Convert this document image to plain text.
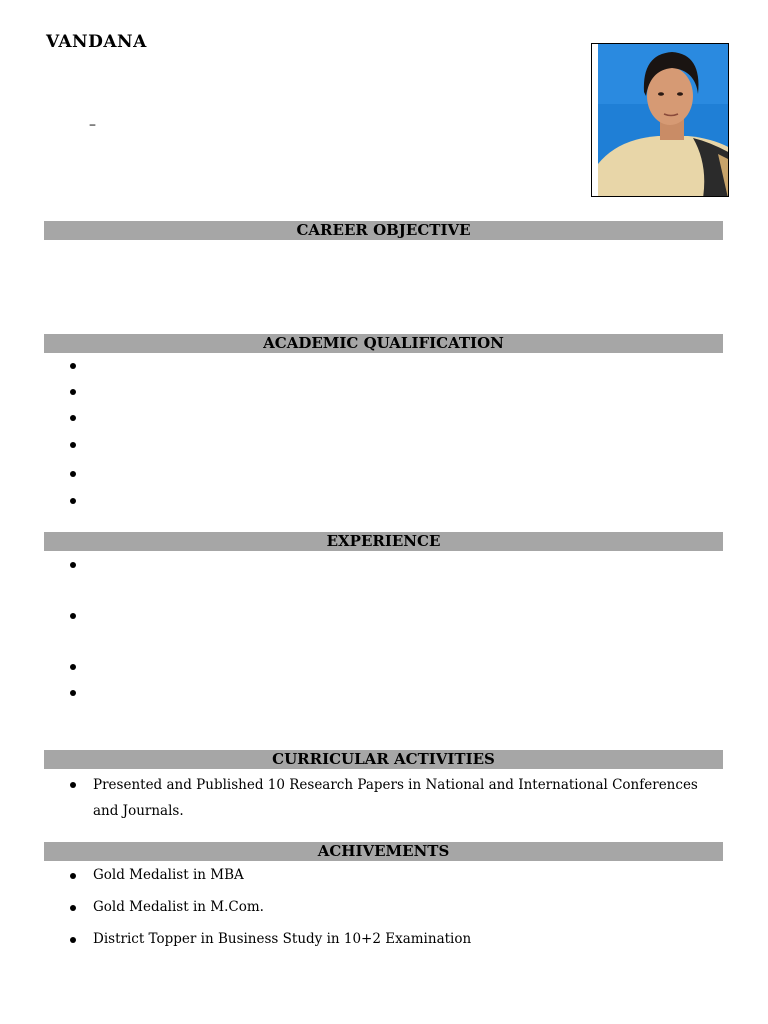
VANDANA
–
CAREER OBJECTIVE
ACADEMIC QUALIFICATION
EXPERIENCE
CURRICULAR ACTIVITIES
Presented and Published 10 Research Papers in National and International Conferences and Journals.
ACHIVEMENTS
Gold Medalist in MBA
Gold Medalist in M.Com.
District Topper in Business Study in 10+2 Examination
